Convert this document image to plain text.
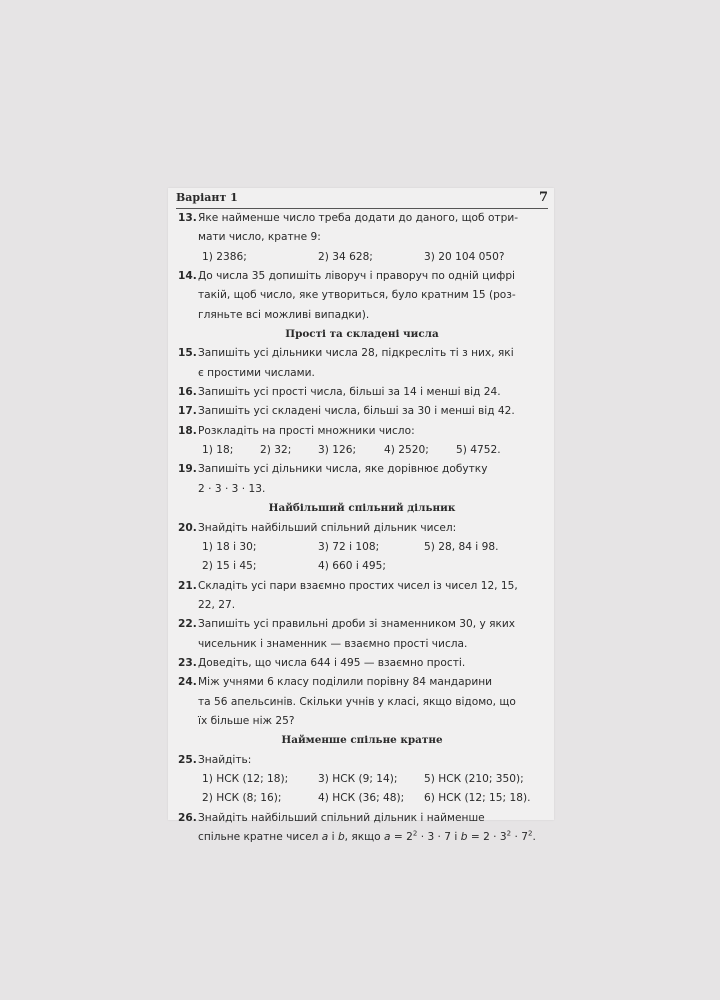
Варіант 1	7
13. Яке найменше число треба додати до даного, щоб отри-
мати число, кратне 9:
1) 2386;	2) 34 628;	3) 20 104 050?
14. До числа 35 допишіть ліворуч і праворуч по одній цифрі
такій, щоб число, яке утвориться, було кратним 15 (роз-
гляньте всі можливі випадки).
Прості та складені числа
15. Запишіть усі дільники числа 28, підкресліть ті з них, які
є простими числами.
16. Запишіть усі прості числа, більші за 14 і менші від 24.
17. Запишіть усі складені числа, більші за 30 і менші від 42.
18. Розкладіть на прості множники число:
1) 18;	2) 32;	3) 126;	4) 2520;	5) 4752.
19. Запишіть усі дільники числа, яке дорівнює добутку
2 · 3 · 3 · 13.
Найбільший спільний дільник
20. Знайдіть найбільший спільний дільник чисел:
1) 18 і 30;	3) 72 і 108;	5) 28, 84 і 98.
2) 15 і 45;	4) 660 і 495;
21. Складіть усі пари взаємно простих чисел із чисел 12, 15,
22, 27.
22. Запишіть усі правильні дроби зі знаменником 30, у яких
чисельник і знаменник — взаємно прості числа.
23. Доведіть, що числа 644 і 495 — взаємно прості.
24. Між учнями 6 класу поділили порівну 84 мандарини
та 56 апельсинів. Скільки учнів у класі, якщо відомо, що
їх більше ніж 25?
Найменше спільне кратне
25. Знайдіть:
1) НСК (12; 18);	3) НСК (9; 14);	5) НСК (210; 350);
2) НСК (8; 16);	4) НСК (36; 48); 6) НСК (12; 15; 18).
26. Знайдіть найбільший спільний дільник і найменше
спільне кратне чисел a і b, якщо $a = 2^2 \cdot 3 \cdot 7$ і $b = 2 \cdot 3^2 \cdot 7^2$.
